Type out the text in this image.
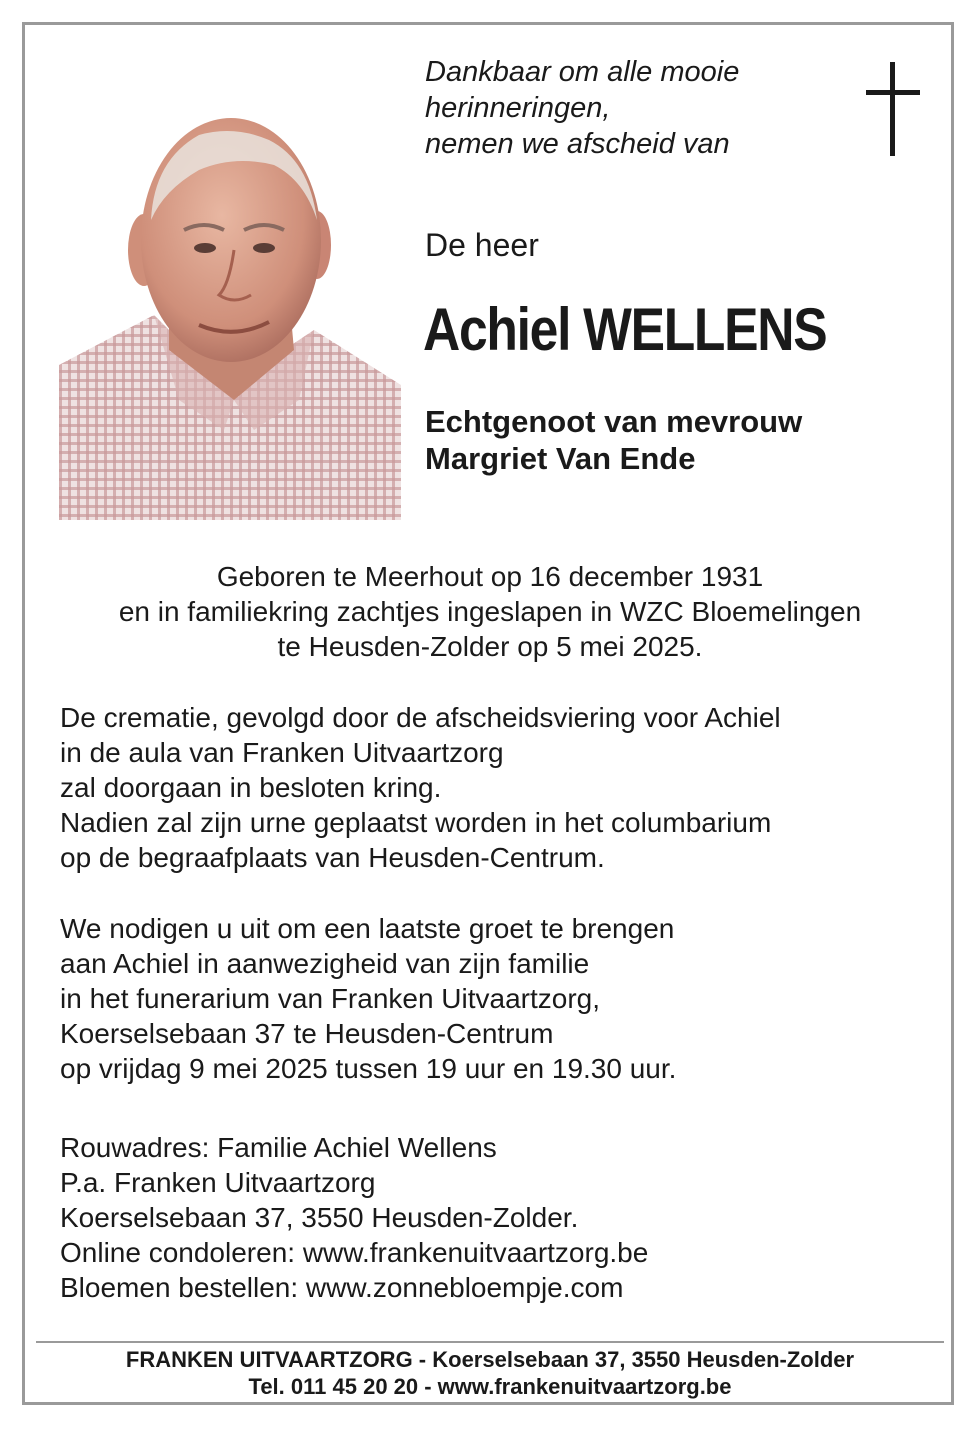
Dankbaar om alle mooie
herinneringen,
nemen we afscheid van
De heer
Achiel WELLENS
Echtgenoot van mevrouw
Margriet Van Ende
Geboren te Meerhout op 16 december 1931
en in familiekring zachtjes ingeslapen in WZC Bloemelingen
te Heusden-Zolder op 5 mei 2025.
De crematie, gevolgd door de afscheidsviering voor Achiel
in de aula van Franken Uitvaartzorg
zal doorgaan in besloten kring.
Nadien zal zijn urne geplaatst worden in het columbarium
op de begraafplaats van Heusden-Centrum.
We nodigen u uit om een laatste groet te brengen
aan Achiel in aanwezigheid van zijn familie
in het funerarium van Franken Uitvaartzorg,
Koerselsebaan 37 te Heusden-Centrum
op vrijdag 9 mei 2025 tussen 19 uur en 19.30 uur.
Rouwadres: Familie Achiel Wellens
P.a. Franken Uitvaartzorg
Koerselsebaan 37, 3550 Heusden-Zolder.
Online condoleren: www.frankenuitvaartzorg.be
Bloemen bestellen: www.zonnebloempje.com
FRANKEN UITVAARTZORG - Koerselsebaan 37, 3550 Heusden-Zolder
Tel. 011 45 20 20 - www.frankenuitvaartzorg.be
